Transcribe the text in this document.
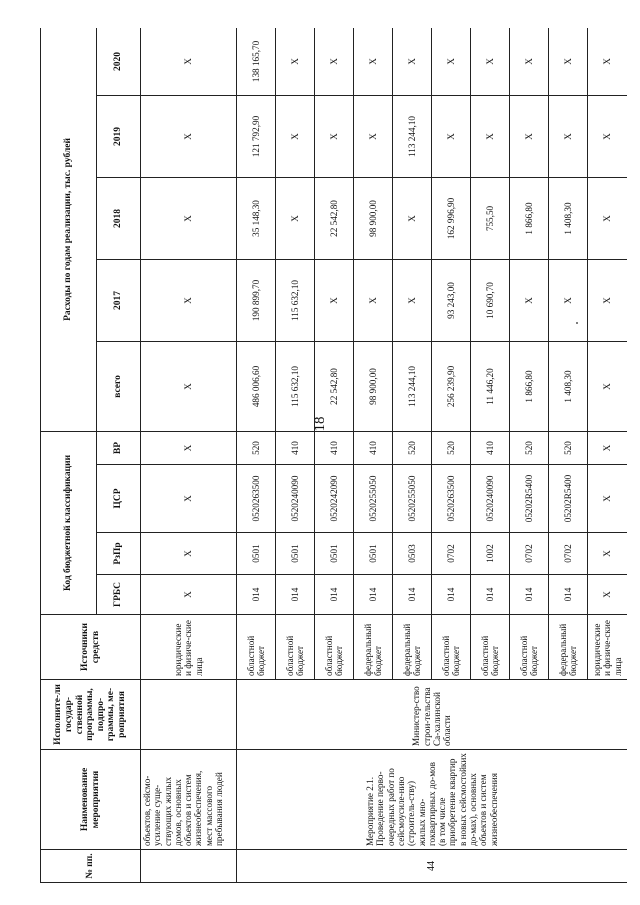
18
№ пп.	Наименование мероприятия	Исполните-ли государ-ственной программы, подпро-граммы, ме-роприятия	Источники средств	Код бюджетной классификации				Расходы по годам реализации, тыс. рублей				
				ГРБС	РзПр	ЦСР	ВР	всего	2017	2018	2019	2020
	объектов, сейсмо-усиление суще-ствующих жилых домов, основных объектов и систем жизнеобеспечения, мест массового пребывания людей		юридические и физиче-ские лица	X	X	X	X	X	X	X	X	X
44	Мероприятие 2.1. Проведение перво-очередных работ по сейсмоусиле-нию (строитель-ству) жилых мно-гоквартирных до-мов (в том числе приобретение квартир в новых сейсмостойких до-мах), основных объектов и систем жизнеобеспечения	Министер-ство строи-тельства Са-халинской области	областной бюджет	014	0501	0520263500	520	486 006,60	190 899,70	35 148,30	121 792,90	138 165,70
			областной бюджет	014	0501	0520240090	410	115 632,10	115 632,10	X	X	X
			областной бюджет	014	0501	0520242090	410	22 542,80	X	22 542,80	X	X
			федеральный бюджет	014	0501	0520255050	410	98 900,00	X	98 900,00	X	X
			федеральный бюджет	014	0503	0520255050	520	113 244,10	X	X	113 244,10	X
			областной бюджет	014	0702	0520263500	520	256 239,90	93 243,00	162 996,90	X	X
			областной бюджет	014	1002	0520240090	410	11 446,20	10 690,70	755,50	X	X
			областной бюджет	014	0702	05202R5400	520	1 866,80	X	1 866,80	X	X
			федеральный бюджет	014	0702	05202R5400	520	1 408,30	X	1 408,30	X	X
			юридические и физиче-ские лица	X	X	X	X	X	X	X	X	X
